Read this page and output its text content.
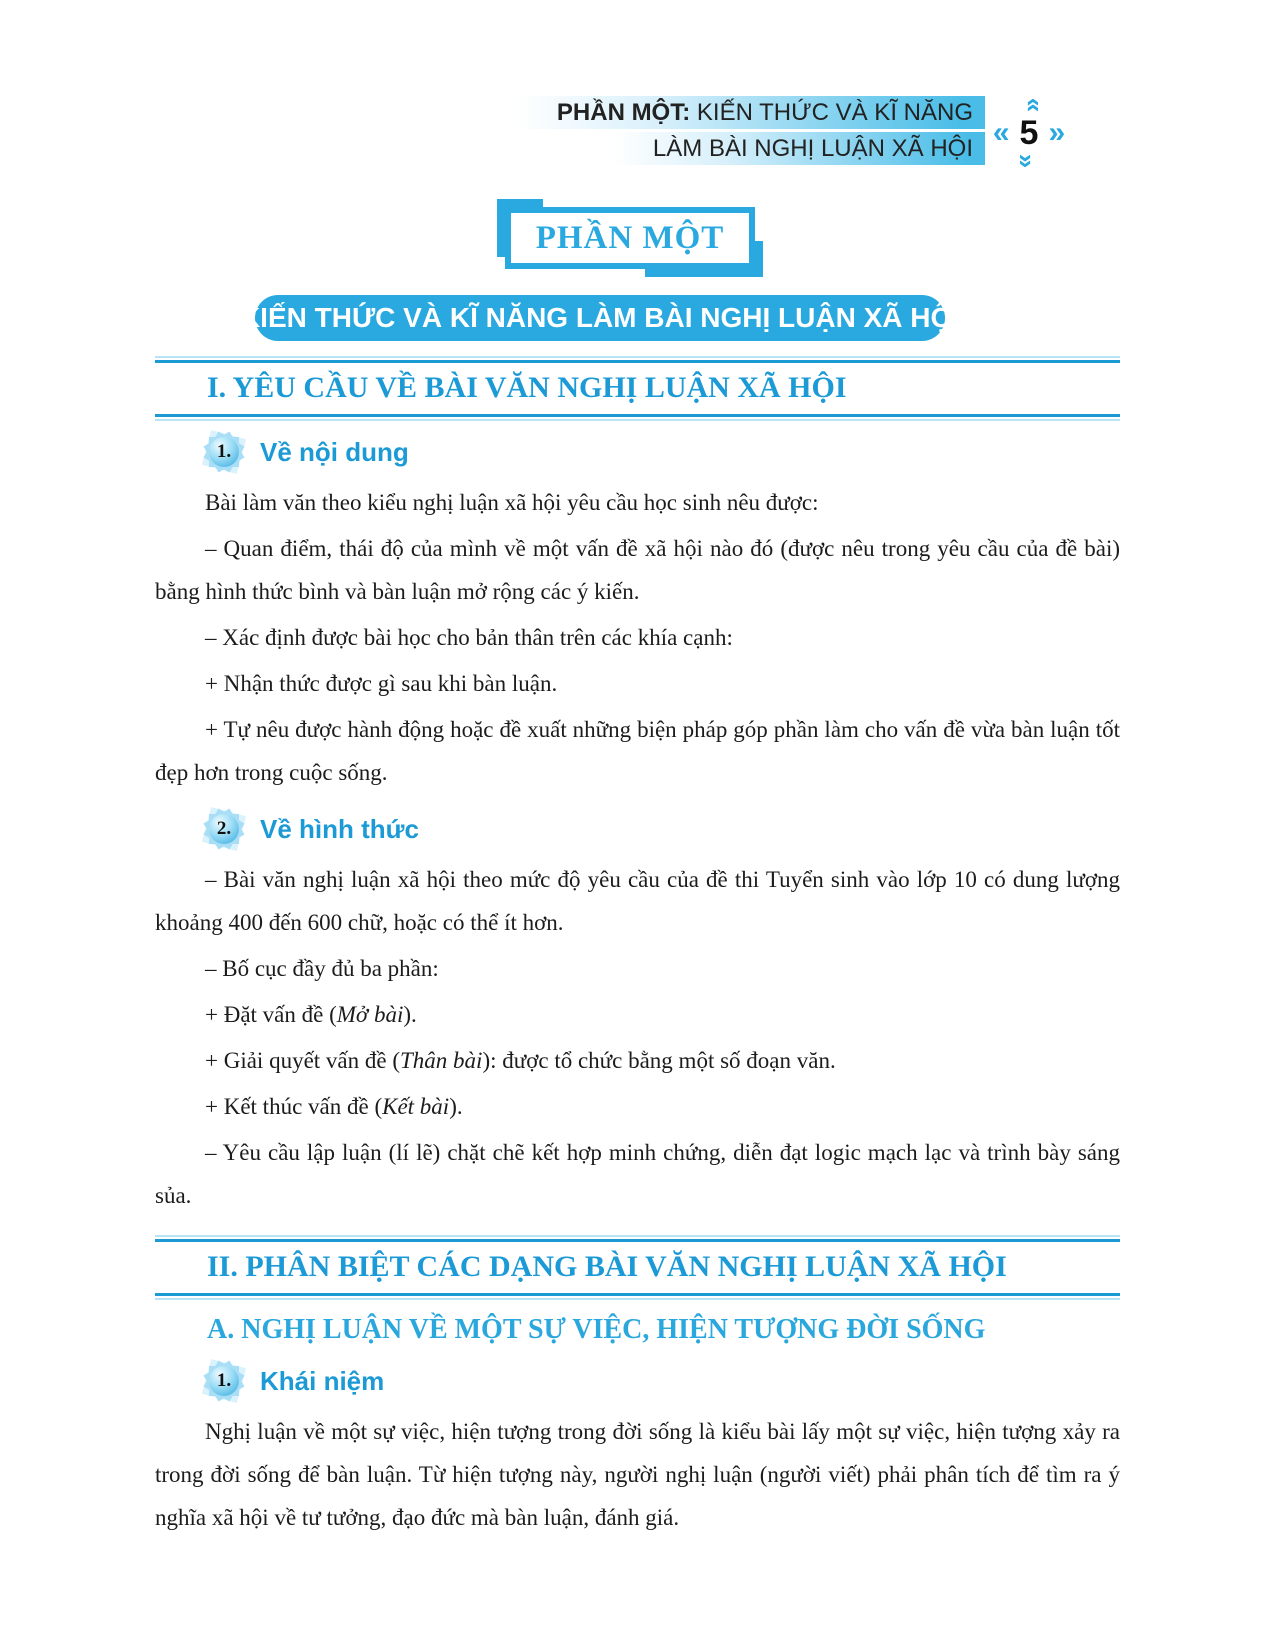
PHẦN MỘT: KIẾN THỨC VÀ KĨ NĂNG
LÀM BÀI NGHỊ LUẬN XÃ HỘI
»
« 5 »
»
PHẦN MỘT
KIẾN THỨC VÀ KĨ NĂNG LÀM BÀI NGHỊ LUẬN XÃ HỘI
I. YÊU CẦU VỀ BÀI VĂN NGHỊ LUẬN XÃ HỘI
1.	Về nội dung

Bài làm văn theo kiểu nghị luận xã hội yêu cầu học sinh nêu được:

– Quan điểm, thái độ của mình về một vấn đề xã hội nào đó (được nêu trong yêu cầu của đề bài) bằng hình thức bình và bàn luận mở rộng các ý kiến.

– Xác định được bài học cho bản thân trên các khía cạnh:

+ Nhận thức được gì sau khi bàn luận.

+ Tự nêu được hành động hoặc đề xuất những biện pháp góp phần làm cho vấn đề vừa bàn luận tốt đẹp hơn trong cuộc sống.

2.	Về hình thức

– Bài văn nghị luận xã hội theo mức độ yêu cầu của đề thi Tuyển sinh vào lớp 10 có dung lượng khoảng 400 đến 600 chữ, hoặc có thể ít hơn.

– Bố cục đầy đủ ba phần:

+ Đặt vấn đề (Mở bài).

+ Giải quyết vấn đề (Thân bài): được tổ chức bằng một số đoạn văn.

+ Kết thúc vấn đề (Kết bài).

– Yêu cầu lập luận (lí lẽ) chặt chẽ kết hợp minh chứng, diễn đạt logic mạch lạc và trình bày sáng sủa.

II. PHÂN BIỆT CÁC DẠNG BÀI VĂN NGHỊ LUẬN XÃ HỘI
A. NGHỊ LUẬN VỀ MỘT SỰ VIỆC, HIỆN TƯỢNG ĐỜI SỐNG
1.	Khái niệm

Nghị luận về một sự việc, hiện tượng trong đời sống là kiểu bài lấy một sự việc, hiện tượng xảy ra trong đời sống để bàn luận. Từ hiện tượng này, người nghị luận (người viết) phải phân tích để tìm ra ý nghĩa xã hội về tư tưởng, đạo đức mà bàn luận, đánh giá.
